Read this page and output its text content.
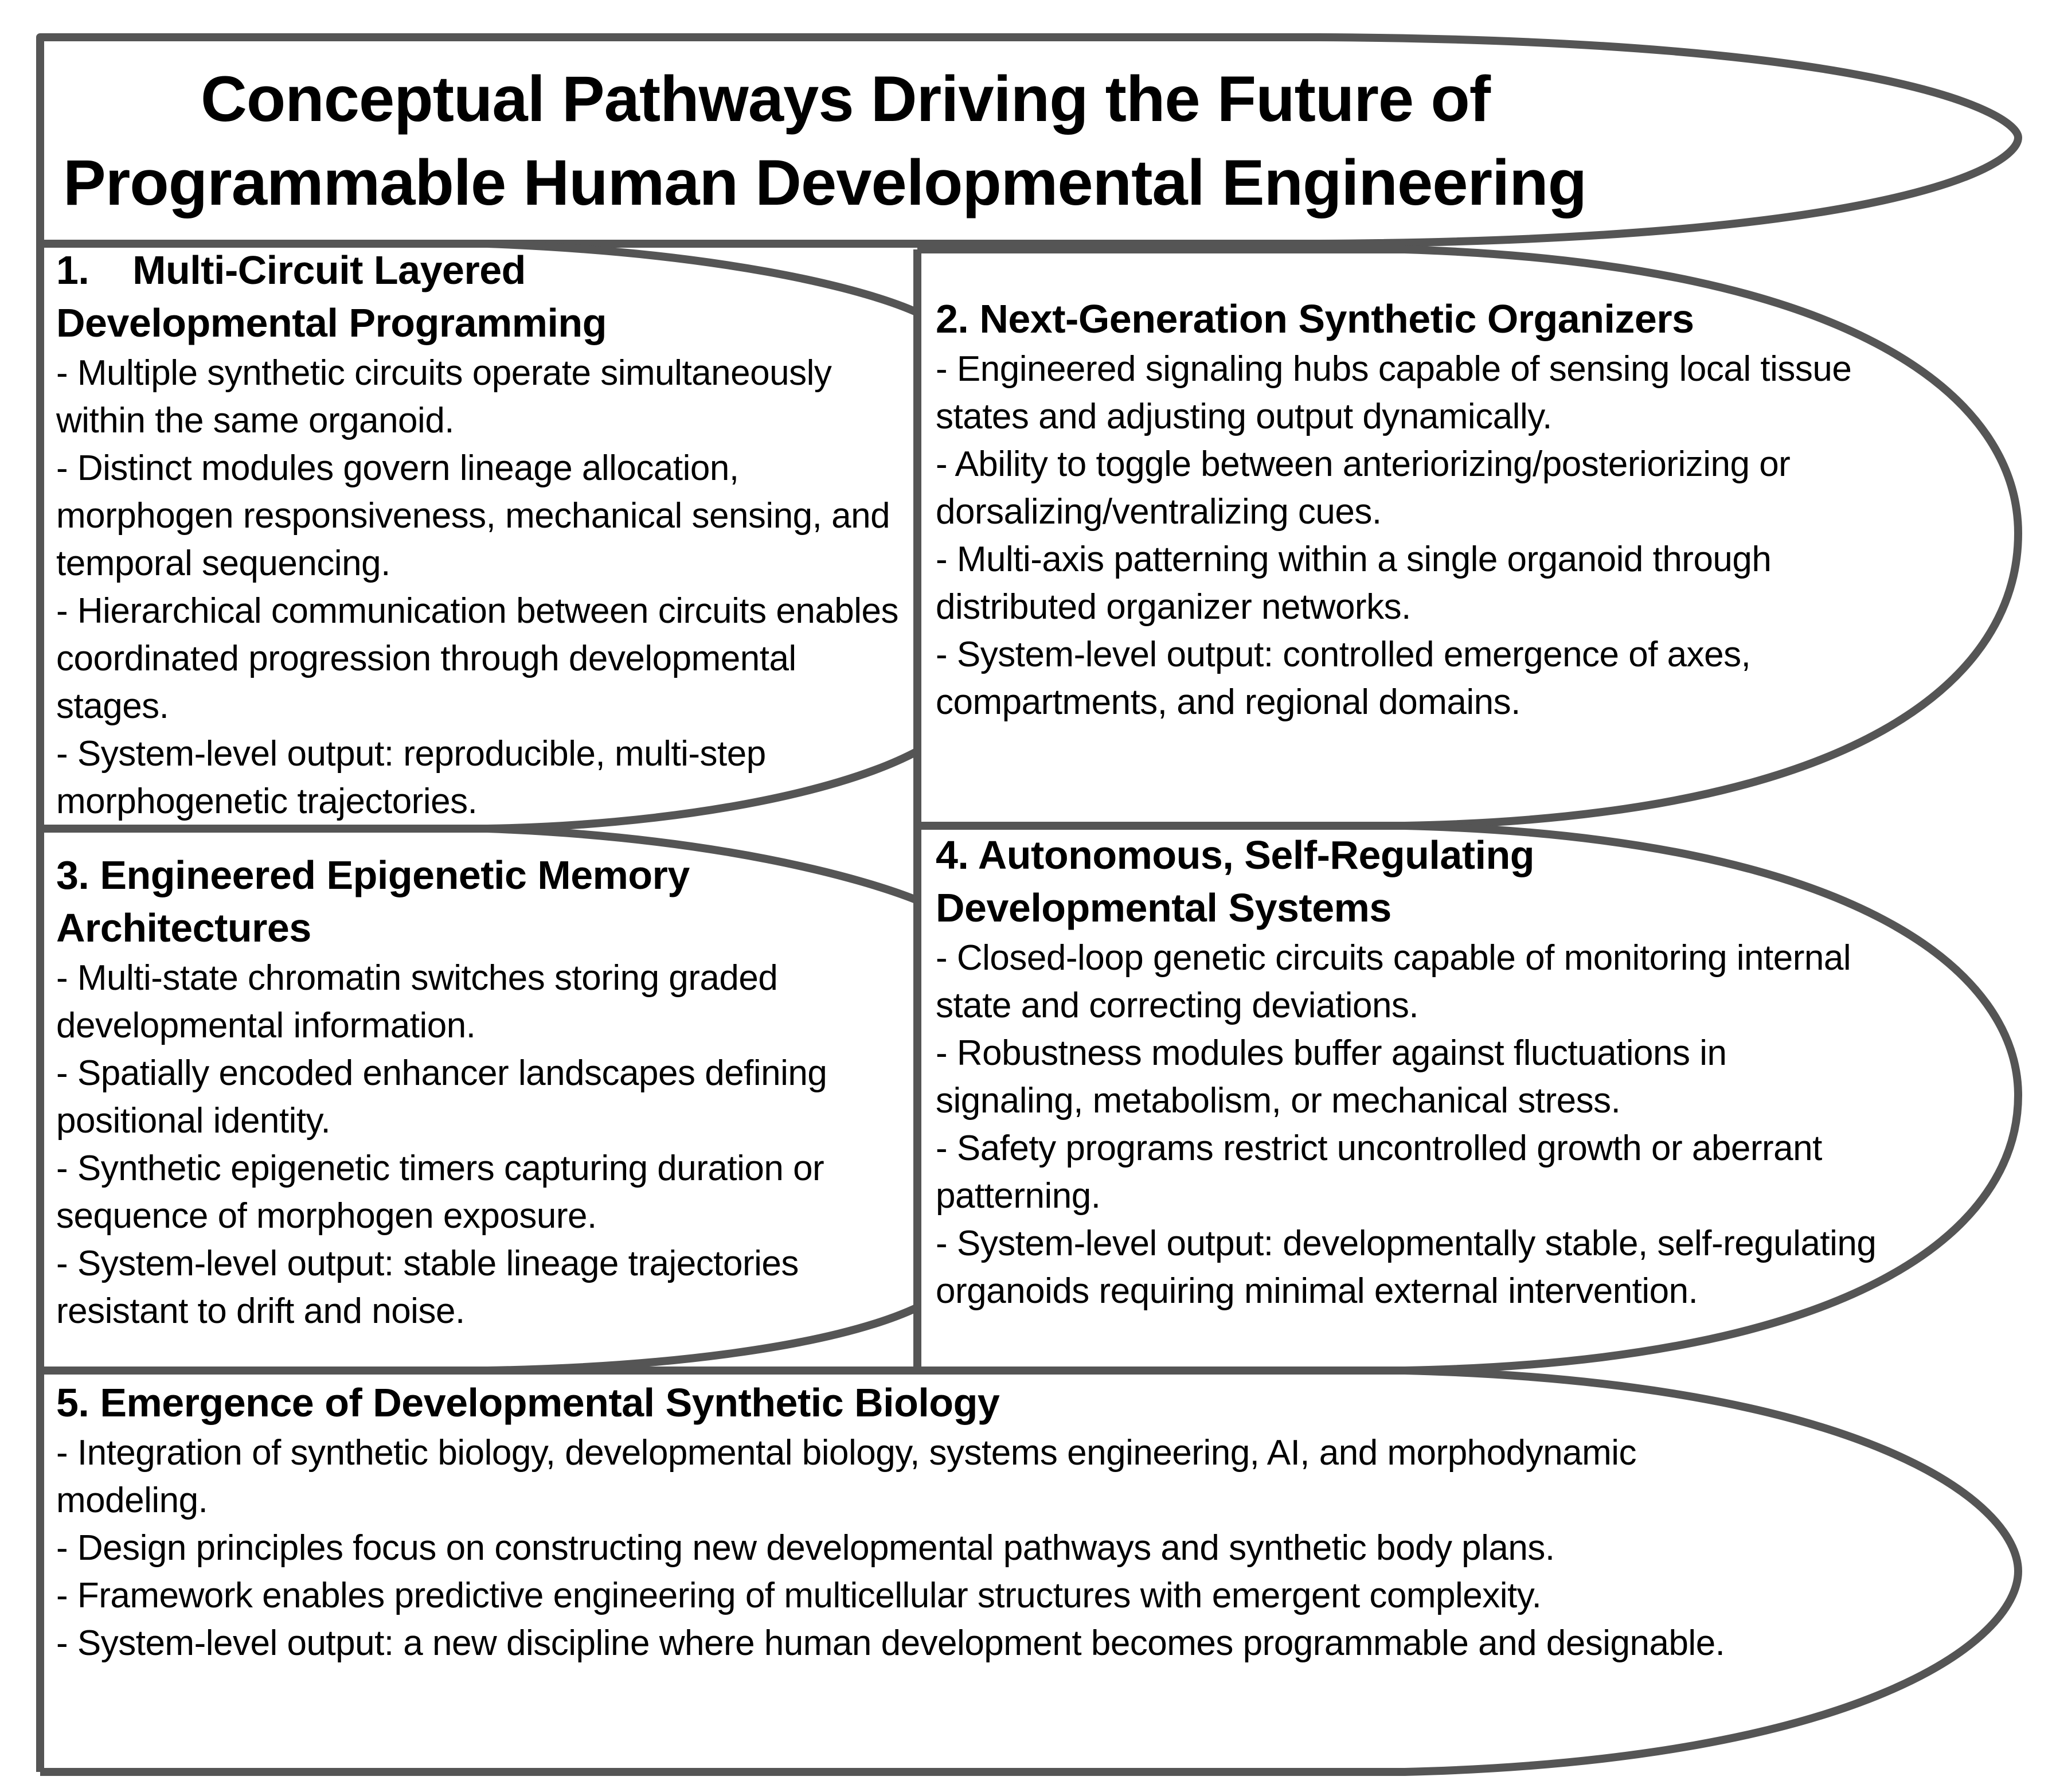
Conceptual Pathways Driving the Future of
Programmable Human Developmental Engineering
1.    Multi-Circuit Layered
Developmental Programming
- Multiple synthetic circuits operate simultaneously within the same organoid.
- Distinct modules govern lineage allocation, morphogen responsiveness, mechanical sensing, and temporal sequencing.
- Hierarchical communication between circuits enables coordinated progression through developmental stages.
- System-level output: reproducible, multi-step morphogenetic trajectories.
2. Next-Generation Synthetic Organizers
- Engineered signaling hubs capable of sensing local tissue states and adjusting output dynamically.
- Ability to toggle between anteriorizing/posteriorizing or dorsalizing/ventralizing cues.
- Multi-axis patterning within a single organoid through distributed organizer networks.
- System-level output: controlled emergence of axes, compartments, and regional domains.
3. Engineered Epigenetic Memory
Architectures
- Multi-state chromatin switches storing graded developmental information.
- Spatially encoded enhancer landscapes defining positional identity.
- Synthetic epigenetic timers capturing duration or sequence of morphogen exposure.
- System-level output: stable lineage trajectories resistant to drift and noise.
4. Autonomous, Self-Regulating
Developmental Systems
- Closed-loop genetic circuits capable of monitoring internal state and correcting deviations.
- Robustness modules buffer against fluctuations in signaling, metabolism, or mechanical stress.
- Safety programs restrict uncontrolled growth or aberrant patterning.
- System-level output: developmentally stable, self-regulating organoids requiring minimal external intervention.
5. Emergence of Developmental Synthetic Biology
- Integration of synthetic biology, developmental biology, systems engineering, AI, and morphodynamic modeling.
- Design principles focus on constructing new developmental pathways and synthetic body plans.
- Framework enables predictive engineering of multicellular structures with emergent complexity.
- System-level output: a new discipline where human development becomes programmable and designable.
